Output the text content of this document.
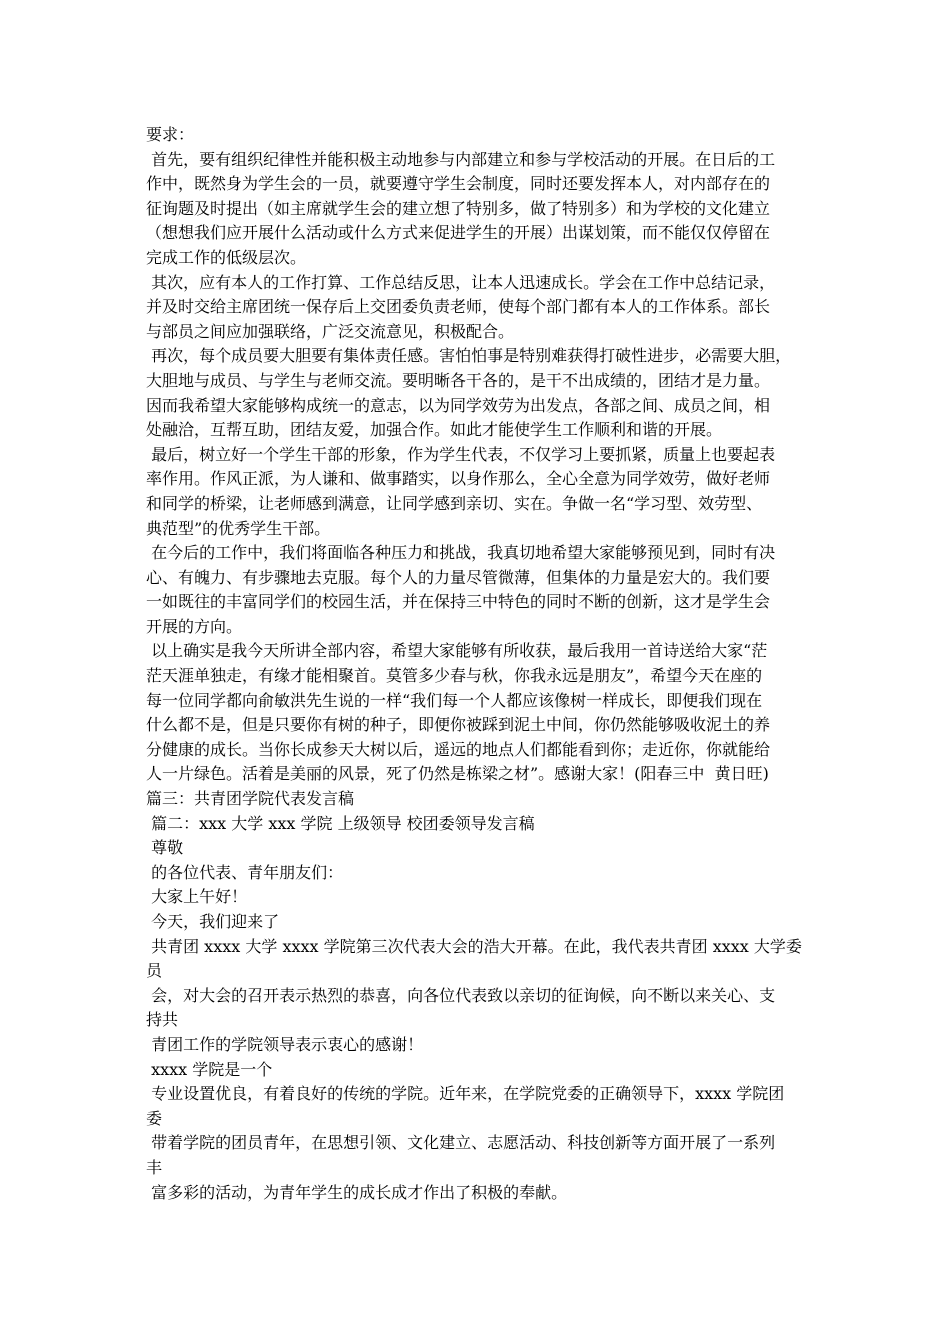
要求：
首先，要有组织纪律性并能积极主动地参与内部建立和参与学校活动的开展。在日后的工
作中，既然身为学生会的一员，就要遵守学生会制度，同时还要发挥本人，对内部存在的
征询题及时提出（如主席就学生会的建立想了特别多，做了特别多）和为学校的文化建立
（想想我们应开展什么活动或什么方式来促进学生的开展）出谋划策，而不能仅仅停留在
完成工作的低级层次。
其次，应有本人的工作打算、工作总结反思，让本人迅速成长。学会在工作中总结记录，
并及时交给主席团统一保存后上交团委负责老师，使每个部门都有本人的工作体系。部长
与部员之间应加强联络，广泛交流意见，积极配合。
再次，每个成员要大胆要有集体责任感。害怕怕事是特别难获得打破性进步，必需要大胆，
大胆地与成员、与学生与老师交流。要明晰各干各的，是干不出成绩的，团结才是力量。
因而我希望大家能够构成统一的意志，以为同学效劳为出发点，各部之间、成员之间，相
处融洽，互帮互助，团结友爱，加强合作。如此才能使学生工作顺利和谐的开展。
最后，树立好一个学生干部的形象，作为学生代表，不仅学习上要抓紧，质量上也要起表
率作用。作风正派，为人谦和、做事踏实，以身作那么，全心全意为同学效劳，做好老师
和同学的桥梁，让老师感到满意，让同学感到亲切、实在。争做一名“学习型、效劳型、
典范型”的优秀学生干部。
在今后的工作中，我们将面临各种压力和挑战，我真切地希望大家能够预见到，同时有决
心、有魄力、有步骤地去克服。每个人的力量尽管微薄，但集体的力量是宏大的。我们要
一如既往的丰富同学们的校园生活，并在保持三中特色的同时不断的创新，这才是学生会
开展的方向。
以上确实是我今天所讲全部内容，希望大家能够有所收获，最后我用一首诗送给大家“茫
茫天涯单独走，有缘才能相聚首。莫管多少春与秋，你我永远是朋友”，希望今天在座的
每一位同学都向俞敏洪先生说的一样“我们每一个人都应该像树一样成长，即便我们现在
什么都不是，但是只要你有树的种子，即便你被踩到泥土中间，你仍然能够吸收泥土的养
分健康的成长。当你长成参天大树以后，遥远的地点人们都能看到你；走近你，你就能给
人一片绿色。活着是美丽的风景，死了仍然是栋梁之材”。感谢大家！(阳春三中  黄日旺)
篇三：共青团学院代表发言稿
篇二：xxx 大学 xxx 学院 上级领导 校团委领导发言稿
尊敬
的各位代表、青年朋友们：
大家上午好！
今天，我们迎来了
共青团 xxxx 大学 xxxx 学院第三次代表大会的浩大开幕。在此，我代表共青团 xxxx 大学委
员
会，对大会的召开表示热烈的恭喜，向各位代表致以亲切的征询候，向不断以来关心、支
持共
青团工作的学院领导表示衷心的感谢！
xxxx 学院是一个
专业设置优良，有着良好的传统的学院。近年来，在学院党委的正确领导下，xxxx 学院团
委
带着学院的团员青年，在思想引领、文化建立、志愿活动、科技创新等方面开展了一系列
丰
富多彩的活动，为青年学生的成长成才作出了积极的奉献。
